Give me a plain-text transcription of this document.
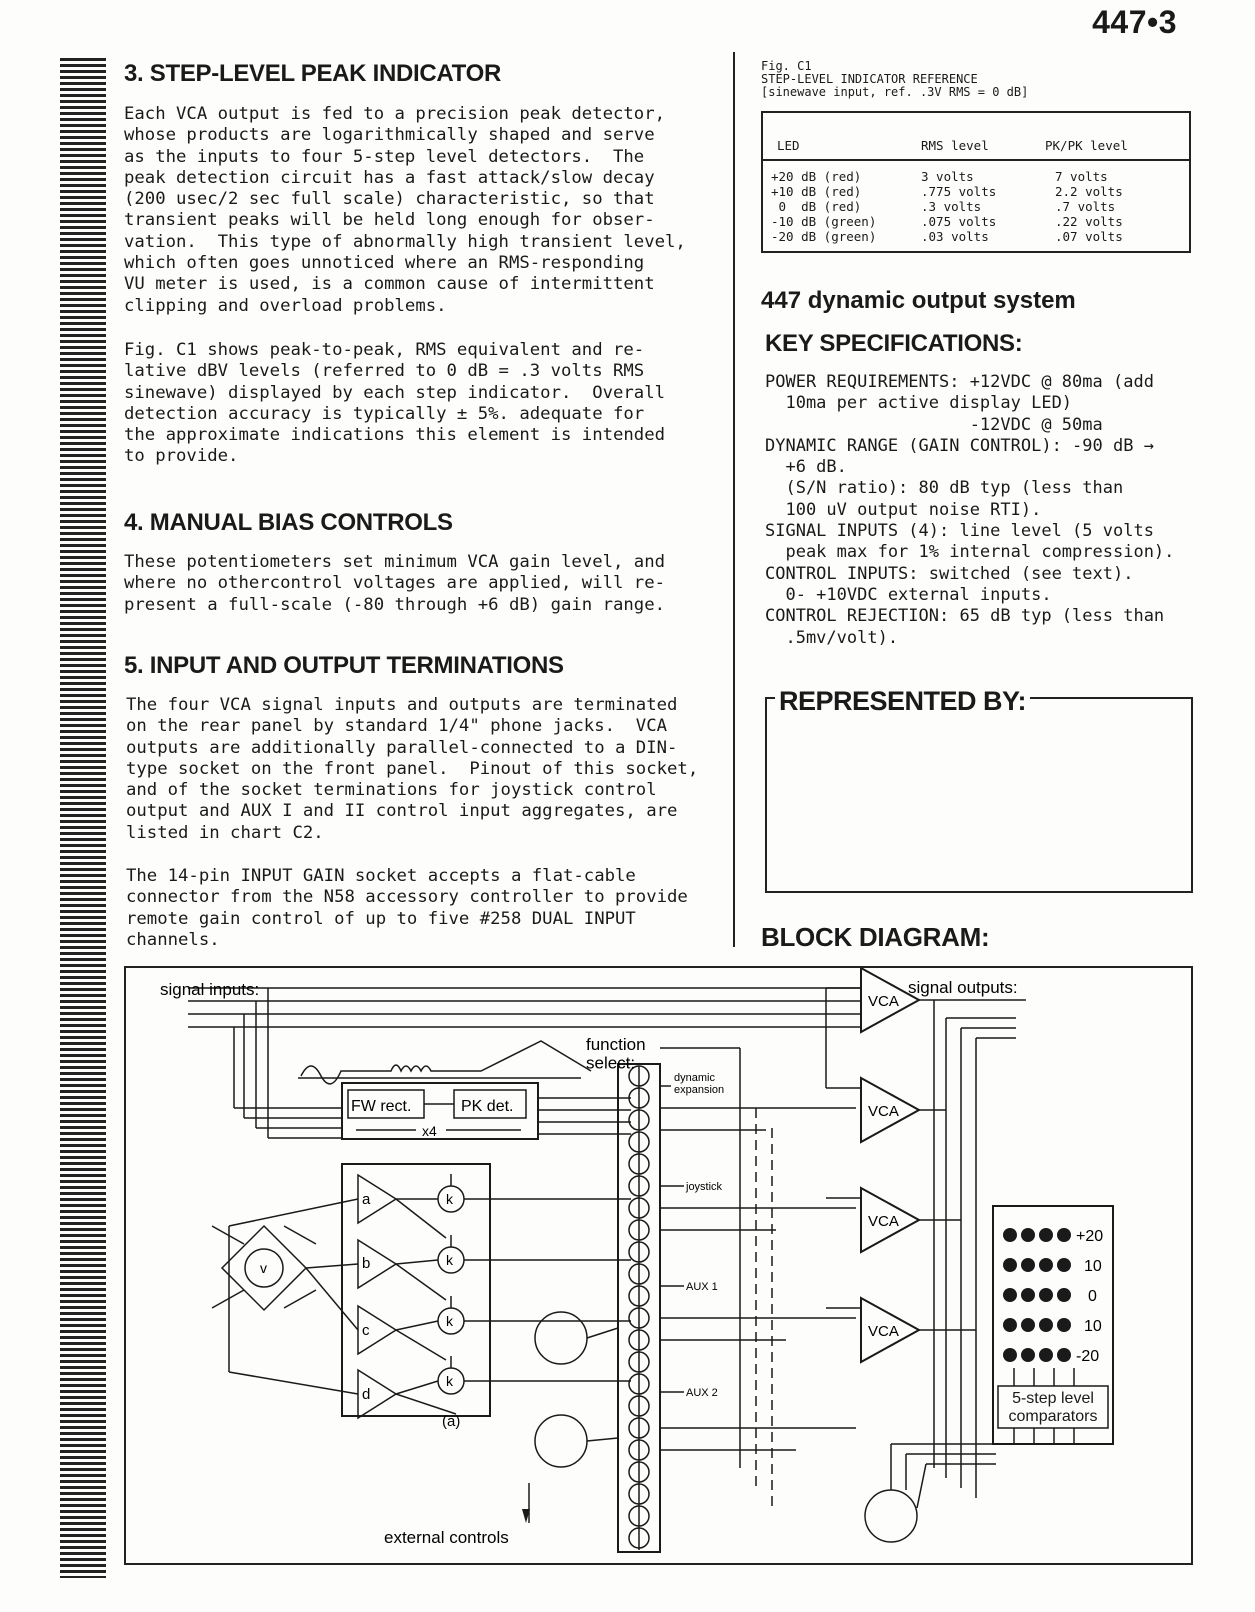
447•3
3. STEP-LEVEL PEAK INDICATOR
Each VCA output is fed to a precision peak detector,
whose products are logarithmically shaped and serve
as the inputs to four 5-step level detectors.  The
peak detection circuit has a fast attack/slow decay
(200 usec/2 sec full scale) characteristic, so that
transient peaks will be held long enough for obser-
vation.  This type of abnormally high transient level,
which often goes unnoticed where an RMS-responding
VU meter is used, is a common cause of intermittent
clipping and overload problems.
Fig. C1 shows peak-to-peak, RMS equivalent and re-
lative dBV levels (referred to 0 dB = .3 volts RMS
sinewave) displayed by each step indicator.  Overall
detection accuracy is typically ± 5%. adequate for
the approximate indications this element is intended
to provide.
4. MANUAL BIAS CONTROLS
These potentiometers set minimum VCA gain level, and
where no othercontrol voltages are applied, will re-
present a full-scale (-80 through +6 dB) gain range.
5. INPUT AND OUTPUT TERMINATIONS
The four VCA signal inputs and outputs are terminated
on the rear panel by standard 1/4" phone jacks.  VCA
outputs are additionally parallel-connected to a DIN-
type socket on the front panel.  Pinout of this socket,
and of the socket terminations for joystick control
output and AUX I and II control input aggregates, are
listed in chart C2.
The 14-pin INPUT GAIN socket accepts a flat-cable
connector from the N58 accessory controller to provide
remote gain control of up to five #258 DUAL INPUT
channels.
Fig. C1
STEP-LEVEL INDICATOR REFERENCE
[sinewave input, ref. .3V RMS = 0 dB]
LED	RMS level	PK/PK level
+20 dB (red)	3 volts	7 volts
+10 dB (red)	.775 volts	2.2 volts
0  dB (red)	.3 volts	.7 volts
-10 dB (green)	.075 volts	.22 volts
-20 dB (green)	.03 volts	.07 volts
447 dynamic output system
KEY SPECIFICATIONS:
POWER REQUIREMENTS: +12VDC @ 80ma (add
10ma per active display LED)
-12VDC @ 50ma
DYNAMIC RANGE (GAIN CONTROL): -90 dB →
+6 dB.
(S/N ratio): 80 dB typ (less than
100 uV output noise RTI).
SIGNAL INPUTS (4): line level (5 volts
peak max for 1% internal compression).
CONTROL INPUTS: switched (see text).
0- +10VDC external inputs.
CONTROL REJECTION: 65 dB typ (less than
.5mv/volt).
REPRESENTED BY:
BLOCK DIAGRAM:
signal inputs:	signal outputs:
function select:
dynamic expansion
joystick
AUX 1
AUX 2
FW rect.	PK det.
x4
VCA
VCA
VCA
VCA
a
b
c
d
k
k
k
k
(a)
v
external controls
+20
10
0
10
-20
5-step level
comparators
